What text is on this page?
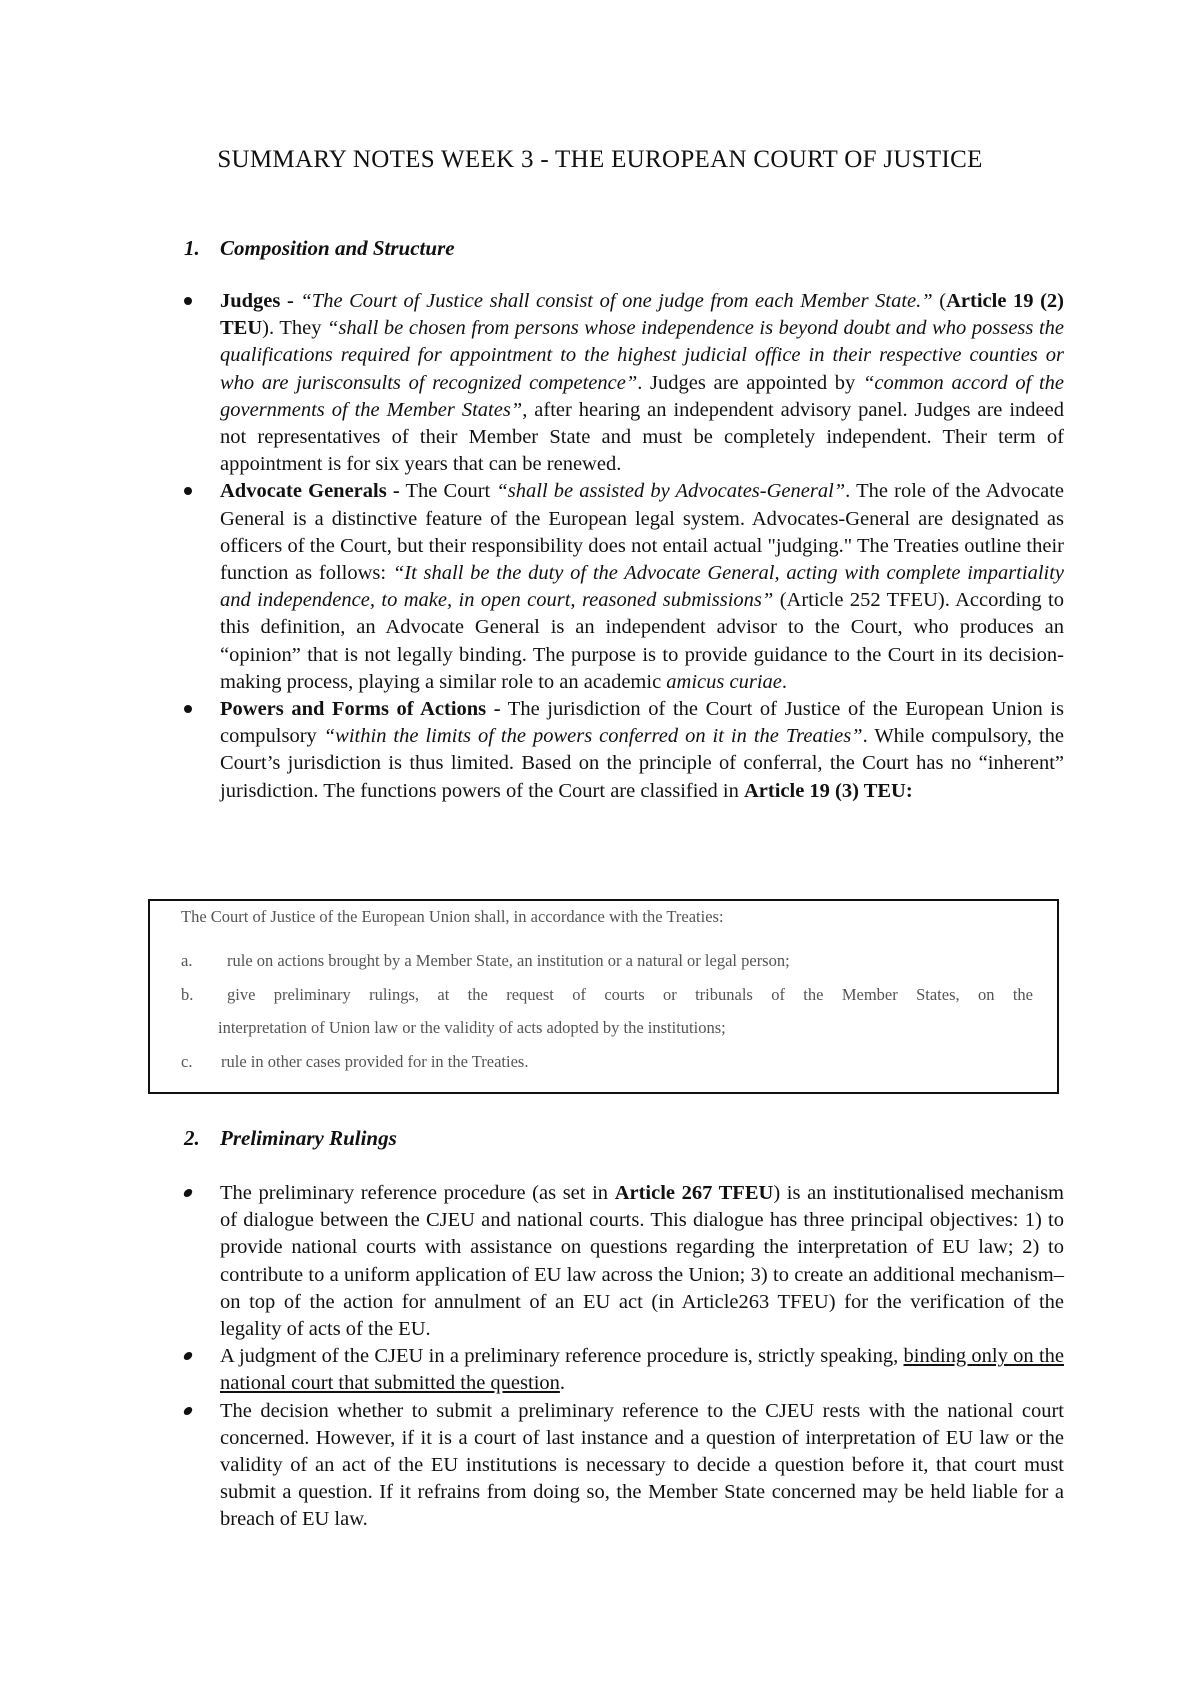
SUMMARY NOTES WEEK 3 - THE EUROPEAN COURT OF JUSTICE
1. Composition and Structure
Judges - “The Court of Justice shall consist of one judge from each Member State.” (Article 19 (2) TEU). They “shall be chosen from persons whose independence is beyond doubt and who possess the qualifications required for appointment to the highest judicial office in their respective counties or who are jurisconsults of recognized competence”. Judges are appointed by “common accord of the governments of the Member States”, after hearing an independent advisory panel. Judges are indeed not representatives of their Member State and must be completely independent. Their term of appointment is for six years that can be renewed.
Advocate Generals - The Court “shall be assisted by Advocates-General”. The role of the Advocate General is a distinctive feature of the European legal system. Advocates-General are designated as officers of the Court, but their responsibility does not entail actual "judging." The Treaties outline their function as follows: “It shall be the duty of the Advocate General, acting with complete impartiality and independence, to make, in open court, reasoned submissions” (Article 252 TFEU). According to this definition, an Advocate General is an independent advisor to the Court, who produces an “opinion” that is not legally binding. The purpose is to provide guidance to the Court in its decision-making process, playing a similar role to an academic amicus curiae.
Powers and Forms of Actions - The jurisdiction of the Court of Justice of the European Union is compulsory “within the limits of the powers conferred on it in the Treaties”. While compulsory, the Court’s jurisdiction is thus limited. Based on the principle of conferral, the Court has no “inherent” jurisdiction. The functions powers of the Court are classified in Article 19 (3) TEU:
The Court of Justice of the European Union shall, in accordance with the Treaties:
a. rule on actions brought by a Member State, an institution or a natural or legal person;
b. give preliminary rulings, at the request of courts or tribunals of the Member States, on the
interpretation of Union law or the validity of acts adopted by the institutions;
c. rule in other cases provided for in the Treaties.
2. Preliminary Rulings
The preliminary reference procedure (as set in Article 267 TFEU) is an institutionalised mechanism of dialogue between the CJEU and national courts. This dialogue has three principal objectives: 1) to provide national courts with assistance on questions regarding the interpretation of EU law; 2) to contribute to a uniform application of EU law across the Union; 3) to create an additional mechanism–on top of the action for annulment of an EU act (in Article263 TFEU) for the verification of the legality of acts of the EU.
A judgment of the CJEU in a preliminary reference procedure is, strictly speaking, binding only on the national court that submitted the question.
The decision whether to submit a preliminary reference to the CJEU rests with the national court concerned. However, if it is a court of last instance and a question of interpretation of EU law or the validity of an act of the EU institutions is necessary to decide a question before it, that court must submit a question. If it refrains from doing so, the Member State concerned may be held liable for a breach of EU law.
